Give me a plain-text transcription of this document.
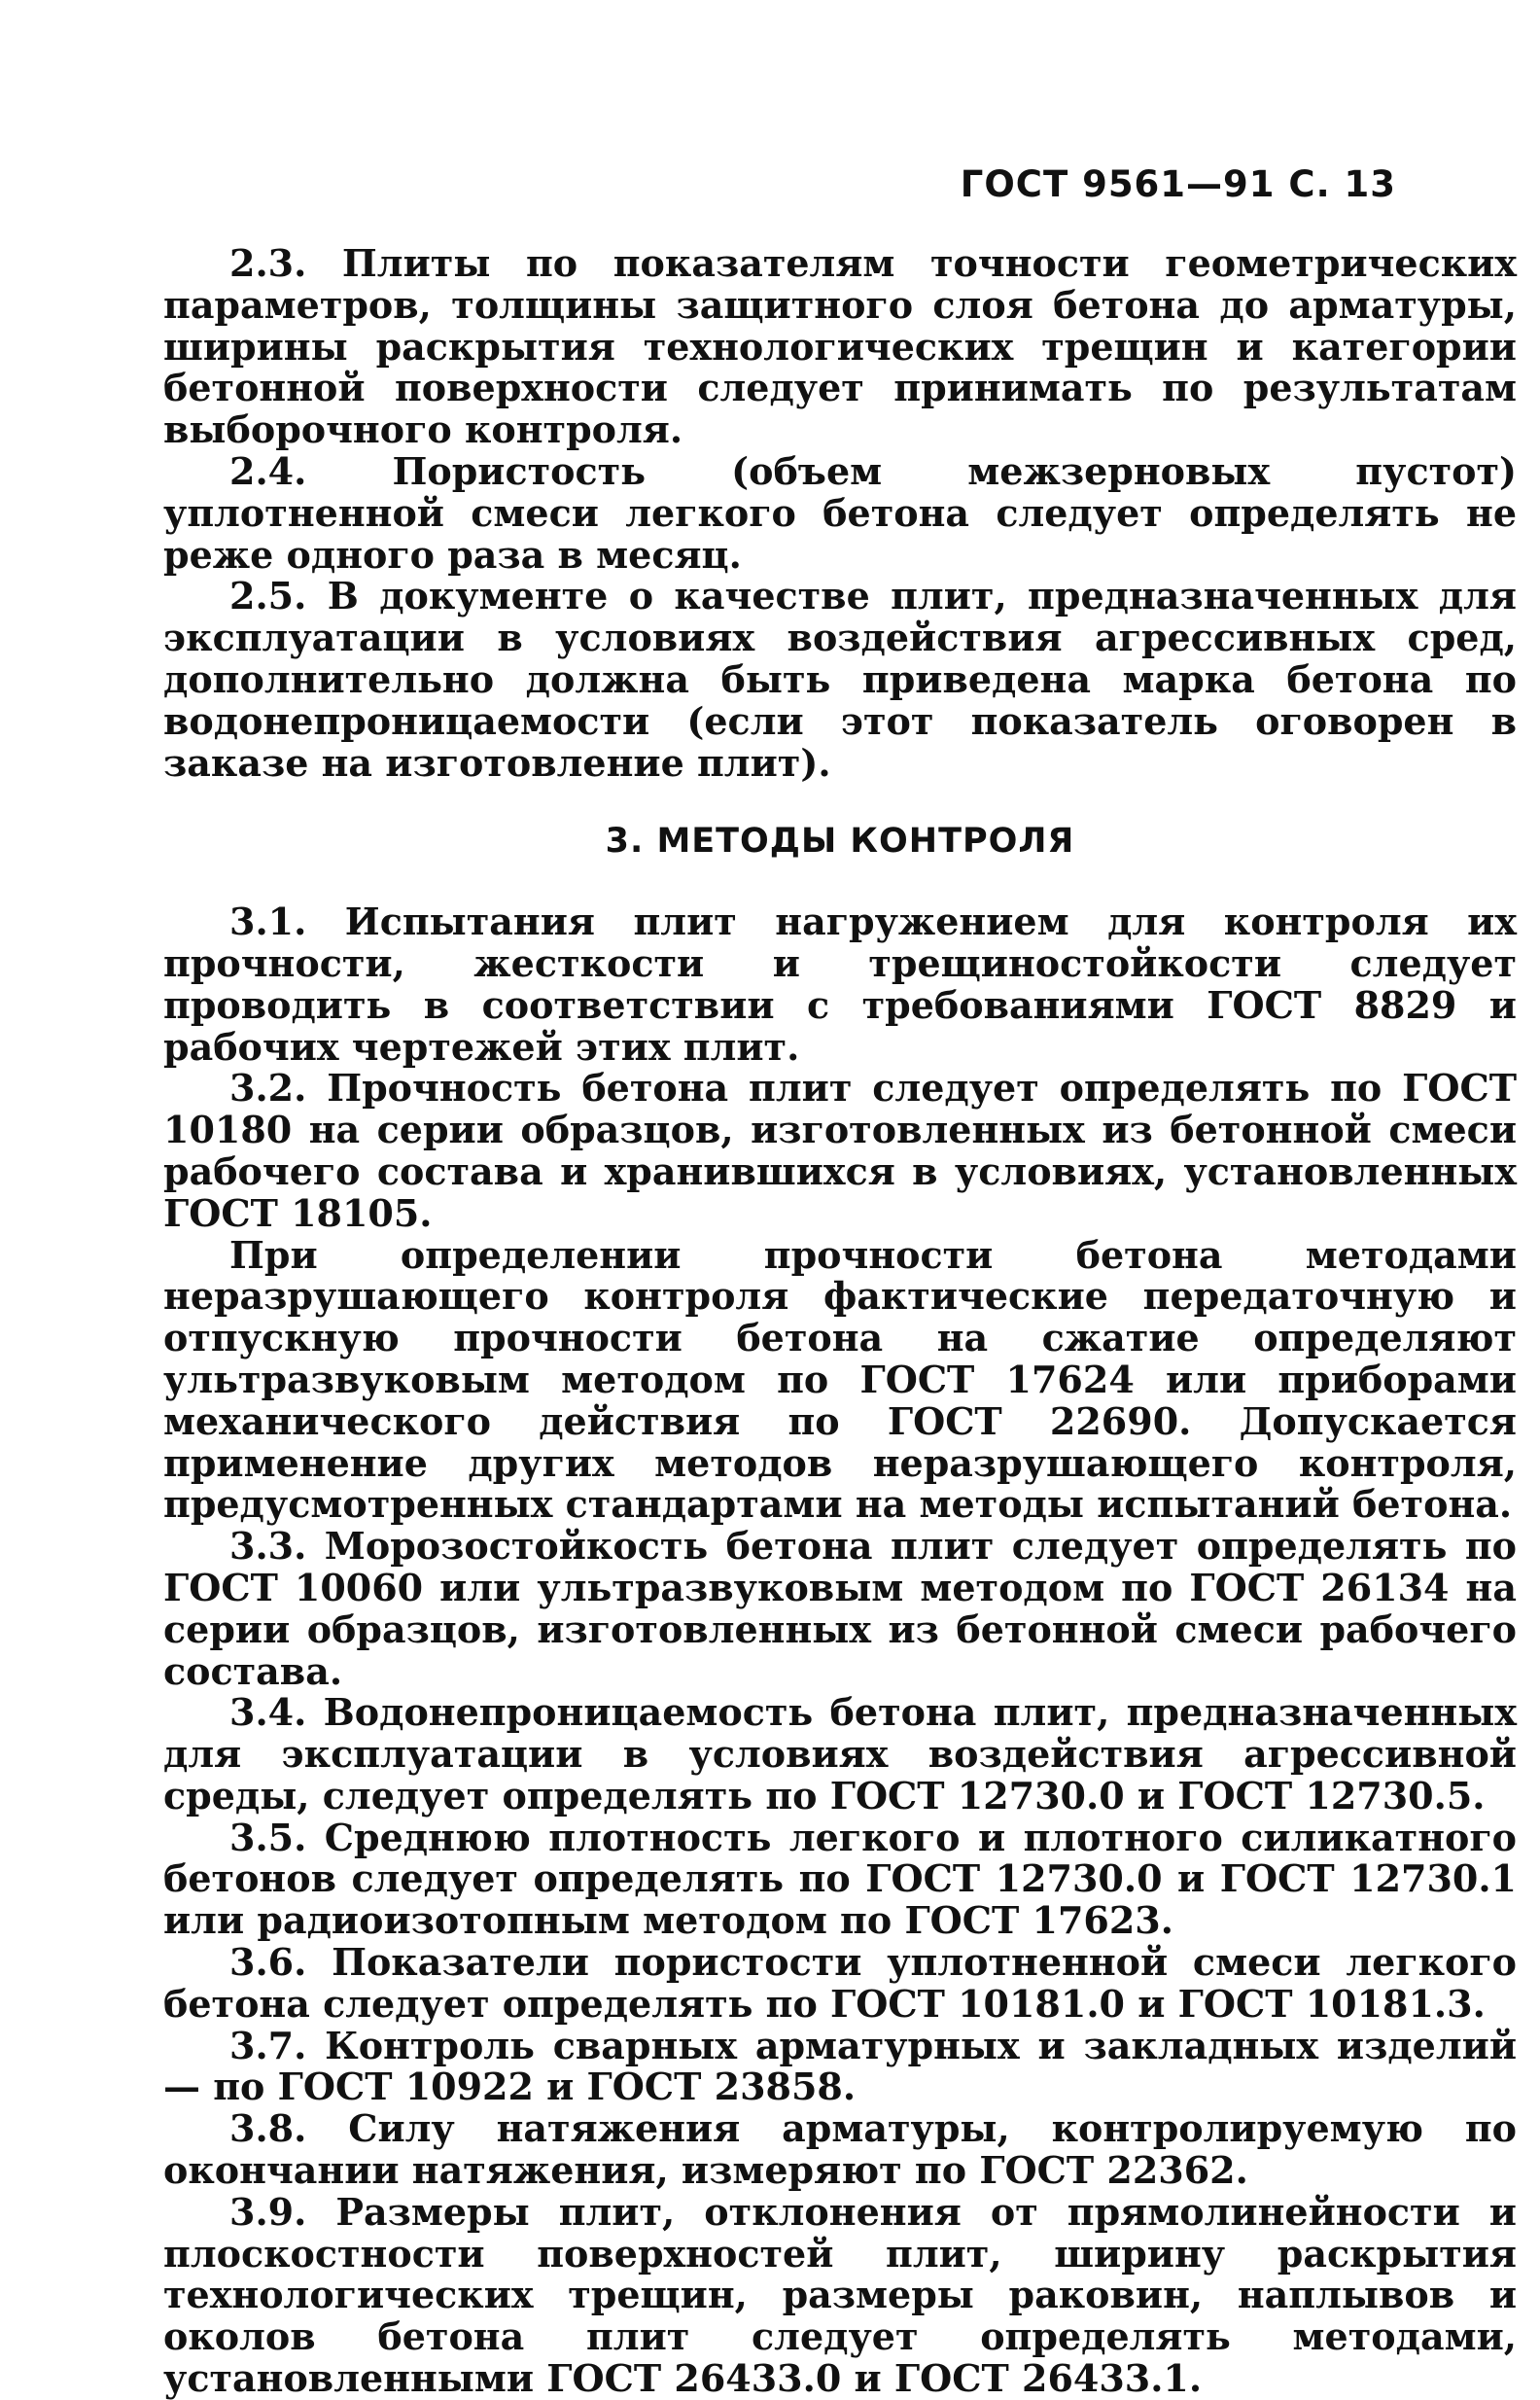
ГОСТ 9561—91 С. 13

2.3. Плиты по показателям точности геометрических параметров, толщины защитного слоя бетона до арматуры, ширины раскрытия технологических трещин и категории бетонной поверхности следует принимать по результатам выборочного контроля.

2.4. Пористость (объем межзерновых пустот) уплотненной смеси легкого бетона следует определять не реже одного раза в месяц.

2.5. В документе о качестве плит, предназначенных для эксплуатации в условиях воздействия агрессивных сред, дополнительно должна быть приведена марка бетона по водонепроницаемости (если этот показатель оговорен в заказе на изготовление плит).

3. МЕТОДЫ КОНТРОЛЯ

3.1. Испытания плит нагружением для контроля их прочности, жесткости и трещиностойкости следует проводить в соответствии с требованиями ГОСТ 8829 и рабочих чертежей этих плит.

3.2. Прочность бетона плит следует определять по ГОСТ 10180 на серии образцов, изготовленных из бетонной смеси рабочего состава и хранившихся в условиях, установленных ГОСТ 18105.

При определении прочности бетона методами неразрушающего контроля фактические передаточную и отпускную прочности бетона на сжатие определяют ультразвуковым методом по ГОСТ 17624 или приборами механического действия по ГОСТ 22690. Допускается применение других методов неразрушающего контроля, предусмотренных стандартами на методы испытаний бетона.

3.3. Морозостойкость бетона плит следует определять по ГОСТ 10060 или ультразвуковым методом по ГОСТ 26134 на серии образцов, изготовленных из бетонной смеси рабочего состава.

3.4. Водонепроницаемость бетона плит, предназначенных для эксплуатации в условиях воздействия агрессивной среды, следует определять по ГОСТ 12730.0 и ГОСТ 12730.5.

3.5. Среднюю плотность легкого и плотного силикатного бетонов следует определять по ГОСТ 12730.0 и ГОСТ 12730.1 или радиоизотопным методом по ГОСТ 17623.

3.6. Показатели пористости уплотненной смеси легкого бетона следует определять по ГОСТ 10181.0 и ГОСТ 10181.3.

3.7. Контроль сварных арматурных и закладных изделий — по ГОСТ 10922 и ГОСТ 23858.

3.8. Силу натяжения арматуры, контролируемую по окончании натяжения, измеряют по ГОСТ 22362.

3.9. Размеры плит, отклонения от прямолинейности и плоскостности поверхностей плит, ширину раскрытия технологических трещин, размеры раковин, наплывов и околов бетона плит следует определять методами, установленными ГОСТ 26433.0 и ГОСТ 26433.1.
